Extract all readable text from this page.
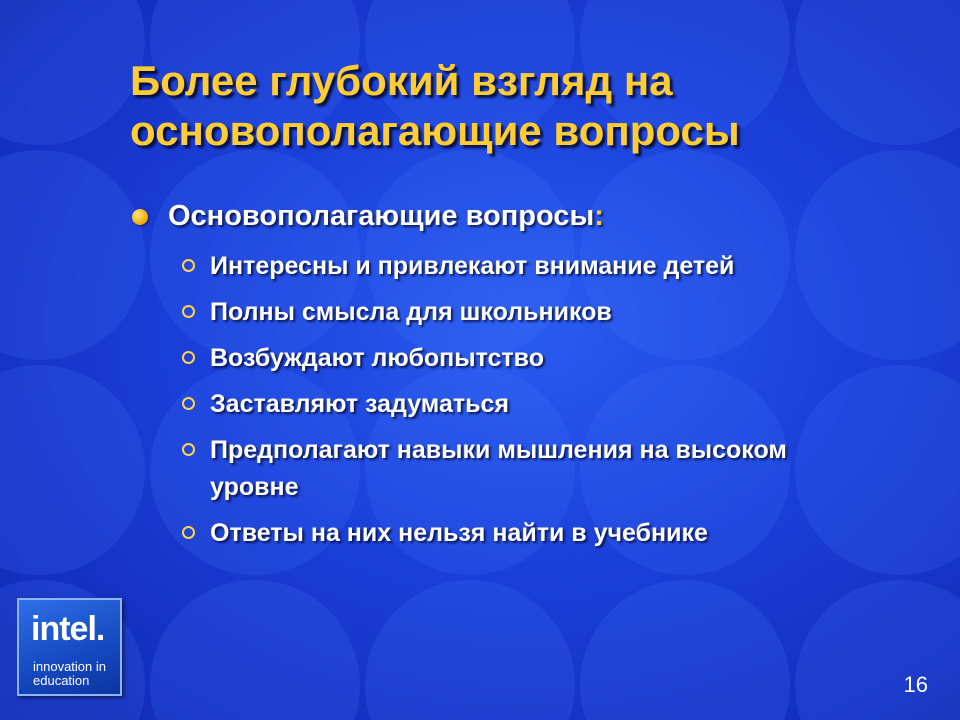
Более глубокий взгляд на
основополагающие вопросы
Основополагающие вопросы:
Интересны и привлекают внимание детей
Полны смысла для школьников
Возбуждают любопытство
Заставляют задуматься
Предполагают навыки мышления на высоком уровне
Ответы на них нельзя найти в учебнике
intel.
innovation in
education	16
